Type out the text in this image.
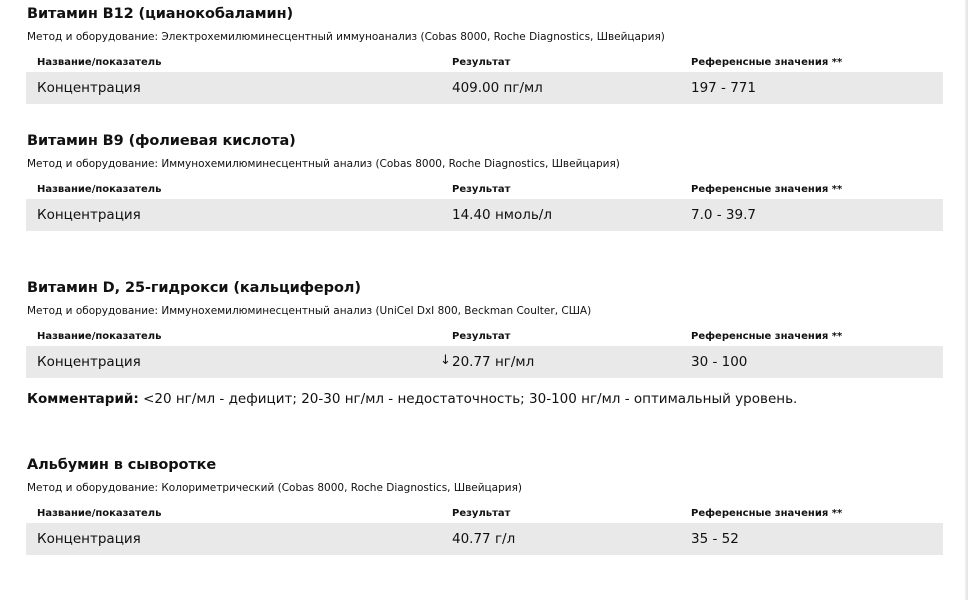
Витамин B12 (цианокобаламин)
Метод и оборудование: Электрохемилюминесцентный иммуноанализ (Cobas 8000, Roche Diagnostics, Швейцария)
Название/показатель	Результат	Референсные значения **
Концентрация	409.00 пг/мл	197 - 771
Витамин B9 (фолиевая кислота)
Метод и оборудование: Иммунохемилюминесцентный анализ (Cobas 8000, Roche Diagnostics, Швейцария)
Название/показатель	Результат	Референсные значения **
Концентрация	14.40 нмоль/л	7.0 - 39.7
Витамин D, 25-гидрокси (кальциферол)
Метод и оборудование: Иммунохемилюминесцентный анализ (UniCel DxI 800, Beckman Coulter, США)
Название/показатель	Результат	Референсные значения **
Концентрация	↓ 20.77 нг/мл	30 - 100
Комментарий: <20 нг/мл - дефицит; 20-30 нг/мл - недостаточность; 30-100 нг/мл - оптимальный уровень.
Альбумин в сыворотке
Метод и оборудование: Колориметрический (Cobas 8000, Roche Diagnostics, Швейцария)
Название/показатель	Результат	Референсные значения **
Концентрация	40.77 г/л	35 - 52
